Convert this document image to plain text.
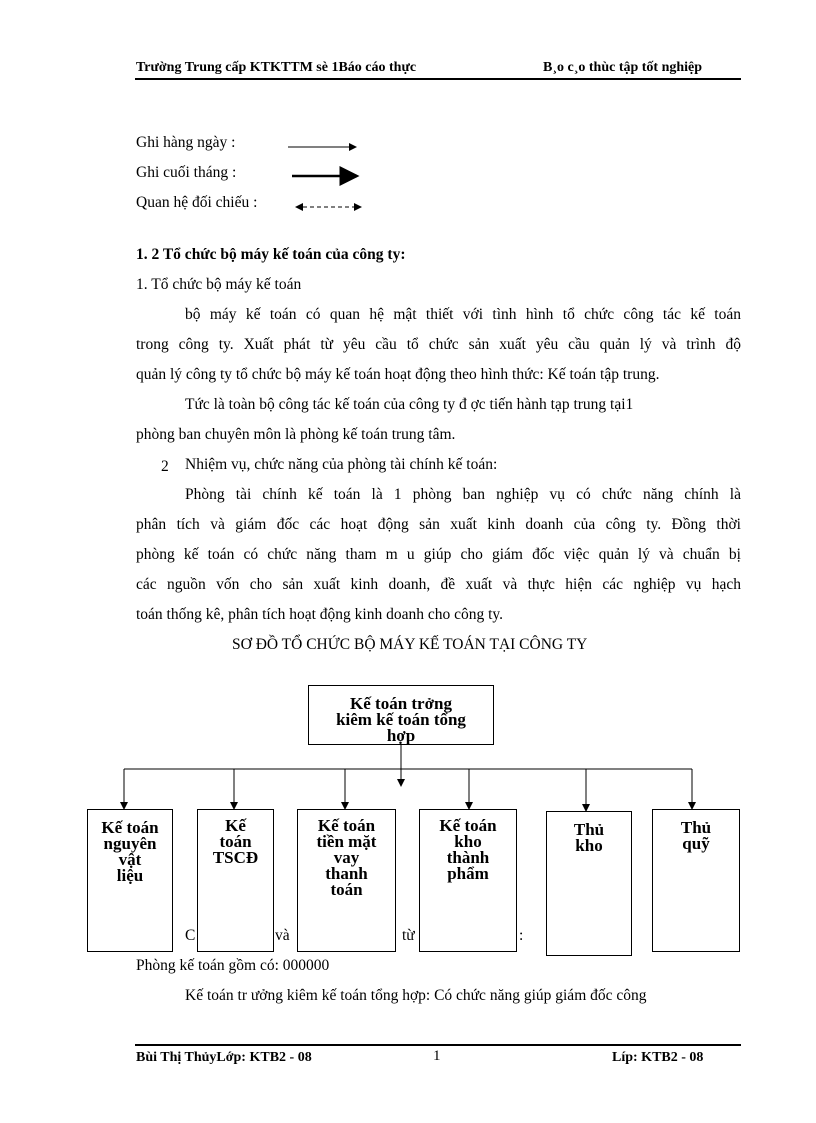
Trường Trung cấp KTKTTM sè 1Báo cáo thực	B¸o c¸o thùc tập tốt nghiệp
Ghi hàng ngày :
Ghi cuối tháng :
Quan hệ đối chiếu :
1. 2 Tổ chức bộ máy kế toán của công ty:
1. Tổ chức bộ máy kế toán
bộ máy kế toán có quan hệ mật thiết với tình hình tổ chức công tác kế toán
trong công ty. Xuất phát từ yêu cầu tổ chức sản xuất yêu cầu quản lý và trình độ
quản lý công ty tổ chức bộ máy kế toán hoạt động theo hình thức: Kế toán tập trung.
Tức là toàn bộ công tác kế toán của công ty đ ợc tiến hành tạp trung tại1
phòng ban chuyên môn là phòng kế toán trung tâm.
2 Nhiệm vụ, chức năng của phòng tài chính kế toán:
Phòng tài chính kế toán là 1 phòng ban nghiệp vụ có chức năng chính là
phân tích và giám đốc các hoạt động sản xuất kinh doanh của công ty. Đồng thời
phòng kế toán có chức năng tham m u giúp cho giám đốc việc quản lý và chuẩn bị
các nguồn vốn cho sản xuất kinh doanh, đề xuất và thực hiện các nghiệp vụ hạch
toán thống kê, phân tích hoạt động kinh doanh cho công ty.
SƠ ĐỒ TỔ CHỨC BỘ MÁY KẾ TOÁN TẠI CÔNG TY
Kế toán trởng
kiêm kế toán tổng
hợp
Kế toán
nguyên
vật
liệu
Kế
toán
TSCĐ
Kế toán
tiền mặt
vay
thanh
toán
Kế toán
kho
thành
phẩm
Thủ
kho
Thủ
quỹ
C	và	từ	:
Phòng kế toán gồm có: 000000
Kế toán tr ưởng kiêm kế toán tổng hợp: Có chức năng giúp giám đốc công
Bùi Thị ThủyLớp: KTB2 - 08	1	Líp: KTB2 - 08
